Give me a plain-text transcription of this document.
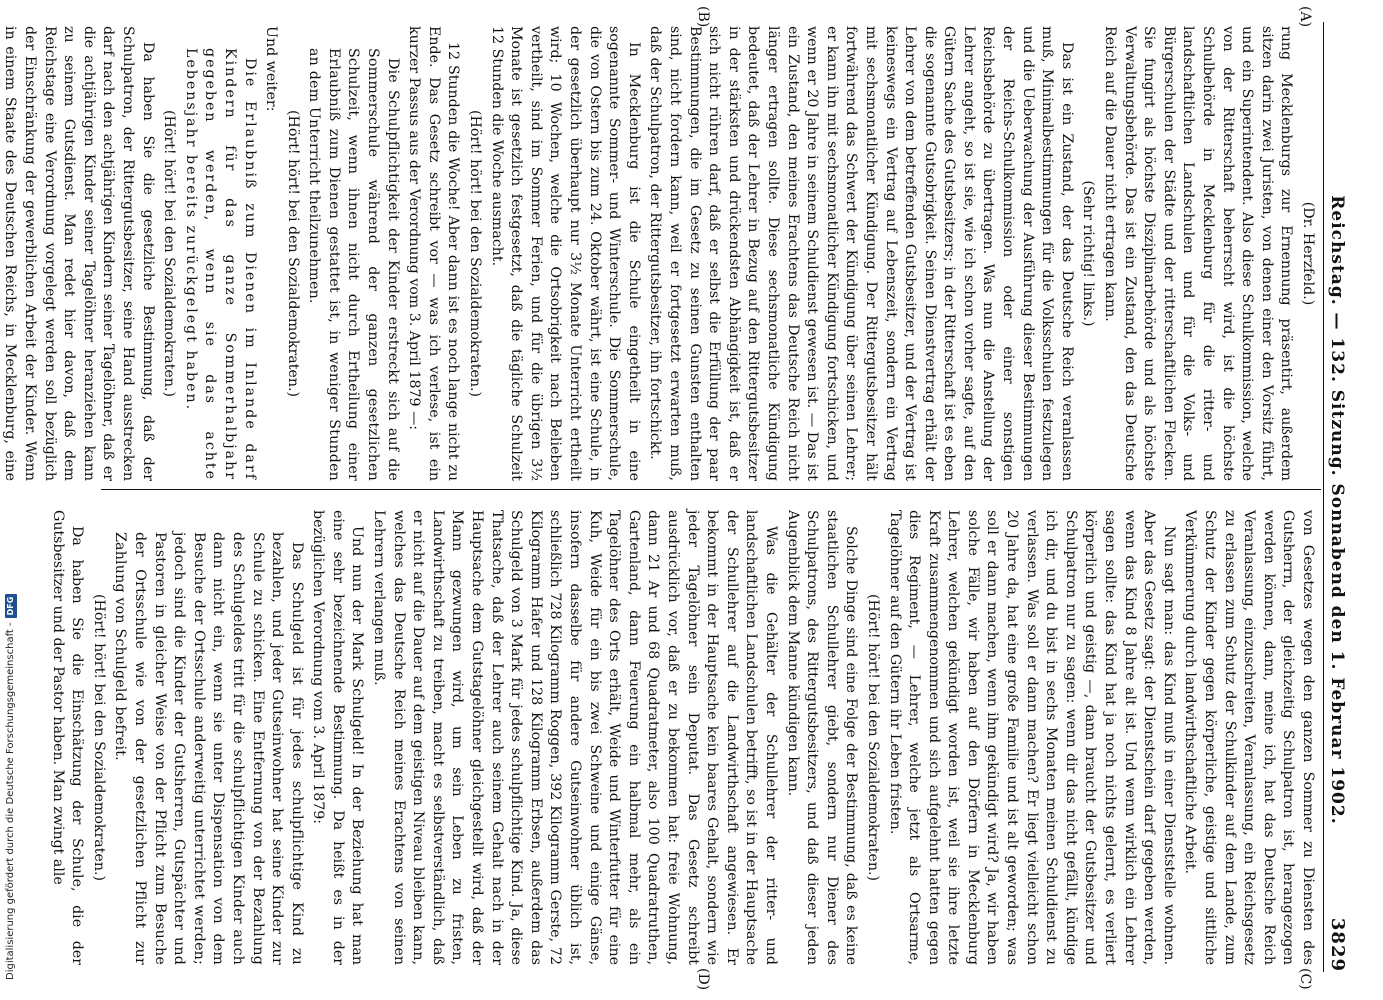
Reichstag. — 132. Sitzung. Sonnabend den 1. Februar 1902.
3829
(A)
(B)
(C)
(D)

(Dr. Herzfeld.)

rung Mecklenburgs zur Ernennung präsentirt, außerdem sitzen darin zwei Juristen, von denen einer den Vorsitz führt, und ein Superintendent. Also diese Schulkommission, welche von der Ritterschaft beherrscht wird, ist die höchste Schulbehörde in Mecklenburg für die ritter- und landschaftlichen Landschulen und für die Volks- und Bürgerschulen der Städte und der ritterschaftlichen Flecken. Sie fungirt als höchste Disziplinarbehörde und als höchste Verwaltungsbehörde. Das ist ein Zustand, den das Deutsche Reich auf die Dauer nicht ertragen kann.

(Sehr richtig! links.)

Das ist ein Zustand, der das Deutsche Reich veranlassen muß, Minimalbestimmungen für die Volksschulen festzulegen und die Ueberwachung der Ausführung dieser Bestimmungen der Reichs-Schulkommission oder einer sonstigen Reichsbehörde zu übertragen. Was nun die Anstellung der Lehrer angeht, so ist sie, wie ich schon vorher sagte, auf den Gütern Sache des Gutsbesitzers; in der Ritterschaft ist es eben die sogenannte Gutsobrigkeit. Seinen Dienstvertrag erhält der Lehrer von dem betreffenden Gutsbesitzer, und der Vertrag ist keineswegs ein Vertrag auf Lebenszeit, sondern ein Vertrag mit sechsmonatlicher Kündigung. Der Rittergutsbesitzer hält fortwährend das Schwert der Kündigung über seinen Lehrer; er kann ihn mit sechsmonatlicher Kündigung fortschicken, und wenn er 20 Jahre in seinem Schuldienst gewesen ist. — Das ist ein Zustand, den meines Erachtens das Deutsche Reich nicht länger ertragen sollte. Diese sechsmonatliche Kündigung bedeutet, daß der Lehrer in Bezug auf den Rittergutsbesitzer in der stärksten und drückendsten Abhängigkeit ist, daß er sich nicht rühren darf, daß er selbst die Erfüllung der paar Bestimmungen, die im Gesetz zu seinen Gunsten enthalten sind, nicht fordern kann, weil er fortgesetzt erwarten muß, daß der Schulpatron, der Rittergutsbesitzer, ihn fortschickt.

In Mecklenburg ist die Schule eingetheilt in eine sogenannte Sommer- und Winterschule. Die Sommerschule, die von Ostern bis zum 24. Oktober währt, ist eine Schule, in der gesetzlich überhaupt nur 3½ Monate Unterricht ertheilt wird; 10 Wochen, welche die Ortsobrigkeit nach Belieben vertheilt, sind im Sommer Ferien, und für die übrigen 3½ Monate ist gesetzlich festgesetzt, daß die tägliche Schulzeit 12 Stunden die Woche ausmacht.

(Hört! hört! bei den Sozialdemokraten.)

12 Stunden die Woche! Aber dann ist es noch lange nicht zu Ende. Das Gesetz schreibt vor — was ich verlese, ist ein kurzer Passus aus der Verordnung vom 3. April 1879 —:

Die Schulpflichtigkeit der Kinder erstreckt sich auf die Sommerschule während der ganzen gesetzlichen Schulzeit, wenn ihnen nicht durch Ertheilung einer Erlaubniß zum Dienen gestattet ist, in weniger Stunden an dem Unterricht theilzunehmen.

(Hört! hört! bei den Sozialdemokraten.)

Und weiter:

Die Erlaubniß zum Dienen im Inlande darf Kindern für das ganze Sommerhalbjahr gegeben werden, wenn sie das achte Lebensjahr bereits zurückgelegt haben.

(Hört! hört! bei den Sozialdemokraten.)

Da haben Sie die gesetzliche Bestimmung, daß der Schulpatron, der Rittergutsbesitzer, seine Hand ausstrecken darf nach den achtjährigen Kindern seiner Tagelöhner, daß er die achtjährigen Kinder seiner Tagelöhner heranziehen kann zu seinem Gutsdienst. Man redet hier davon, daß dem Reichstage eine Verordnung vorgelegt werden soll bezüglich der Einschränkung der gewerblichen Arbeit der Kinder. Wenn in einem Staate des Deutschen Reichs, in Mecklenburg, eine

von Gesetzes wegen den ganzen Sommer zu Diensten des Gutsherrn, der gleichzeitig Schulpatron ist, herangezogen werden können, dann, meine ich, hat das Deutsche Reich Veranlassung, einzuschreiten, Veranlassung, ein Reichsgesetz zu erlassen zum Schutz der Schulkinder auf dem Lande, zum Schutz der Kinder gegen körperliche, geistige und sittliche Verkümmerung durch landwirthschaftliche Arbeit.

Nun sagt man: das Kind muß in einer Dienststelle wohnen. Aber das Gesetz sagt: der Dienstschein darf gegeben werden, wenn das Kind 8 Jahre alt ist. Und wenn wirklich ein Lehrer sagen sollte: das Kind hat ja noch nichts gelernt, es verliert körperlich und geistig —, dann braucht der Gutsbesitzer und Schulpatron nur zu sagen: wenn dir das nicht gefällt, kündige ich dir, und du bist in sechs Monaten meinen Schuldienst zu verlassen. Was soll er dann machen? Er liegt vielleicht schon 20 Jahre da, hat eine große Familie und ist alt geworden; was soll er dann machen, wenn ihm gekündigt wird? Ja, wir haben solche Fälle, wir haben auf den Dörfern in Mecklenburg Lehrer, welchen gekündigt worden ist, weil sie ihre letzte Kraft zusammengenommen und sich aufgelehnt hatten gegen dies Regiment, — Lehrer, welche jetzt als Ortsarme, Tagelöhner auf den Gütern ihr Leben fristen.

(Hört! hört! bei den Sozialdemokraten.)

Solche Dinge sind eine Folge der Bestimmung, daß es keine staatlichen Schullehrer giebt, sondern nur Diener des Schulpatrons, des Rittergutsbesitzers, und daß dieser jeden Augenblick dem Manne kündigen kann.

Was die Gehälter der Schullehrer der ritter- und landschaftlichen Landschulen betrifft, so ist in der Hauptsache der Schullehrer auf die Landwirthschaft angewiesen. Er bekommt in der Hauptsache kein baares Gehalt, sondern wie jeder Tagelöhner sein Deputat. Das Gesetz schreibt ausdrücklich vor, daß er zu bekommen hat: freie Wohnung, dann 21 Ar und 68 Quadratmeter, also 100 Quadratruthen, Gartenland, dann Feuerung ein halbmal mehr, als ein Tagelöhner des Orts erhält, Weide und Winterfutter für eine Kuh, Weide für ein bis zwei Schweine und einige Gänse, insofern dasselbe für andere Gutseinwohner üblich ist, schließlich 728 Kilogramm Roggen, 392 Kilogramm Gerste, 72 Kilogramm Hafer und 128 Kilogramm Erbsen, außerdem das Schulgeld von 3 Mark für jedes schulpflichtige Kind. Ja, diese Thatsache, daß der Lehrer auch seinem Gehalt nach in der Hauptsache dem Gutstagelöhner gleichgestellt wird, daß der Mann gezwungen wird, um sein Leben zu fristen, Landwirthschaft zu treiben, macht es selbstverständlich, daß er nicht auf die Dauer auf dem geistigen Niveau bleiben kann, welches das Deutsche Reich meines Erachtens von seinen Lehrern verlangen muß.

Und nun der Mark Schulgeld! In der Beziehung hat man eine sehr bezeichnende Bestimmung. Da heißt es in der bezüglichen Verordnung vom 3. April 1879:

Das Schulgeld ist für jedes schulpflichtige Kind zu bezahlen, und jeder Gutseinwohner hat seine Kinder zur Schule zu schicken. Eine Entfernung von der Bezahlung des Schulgeldes tritt für die schulpflichtigen Kinder auch dann nicht ein, wenn sie unter Dispensation von dem Besuche der Ortsschule anderweitig unterrichtet werden; jedoch sind die Kinder der Gutsherren, Gutspächter und Pastoren in gleicher Weise von der Pflicht zum Besuche der Ortsschule wie von der gesetzlichen Pflicht zur Zahlung von Schulgeld befreit.

(Hört! hört! bei den Sozialdemokraten.)

Da haben Sie die Einschätzung der Schule, die der Gutsbesitzer und der Pastor haben. Man zwingt alle

Digitalisierung gefördert durch die Deutsche Forschungsgemeinschaft -
DFG
